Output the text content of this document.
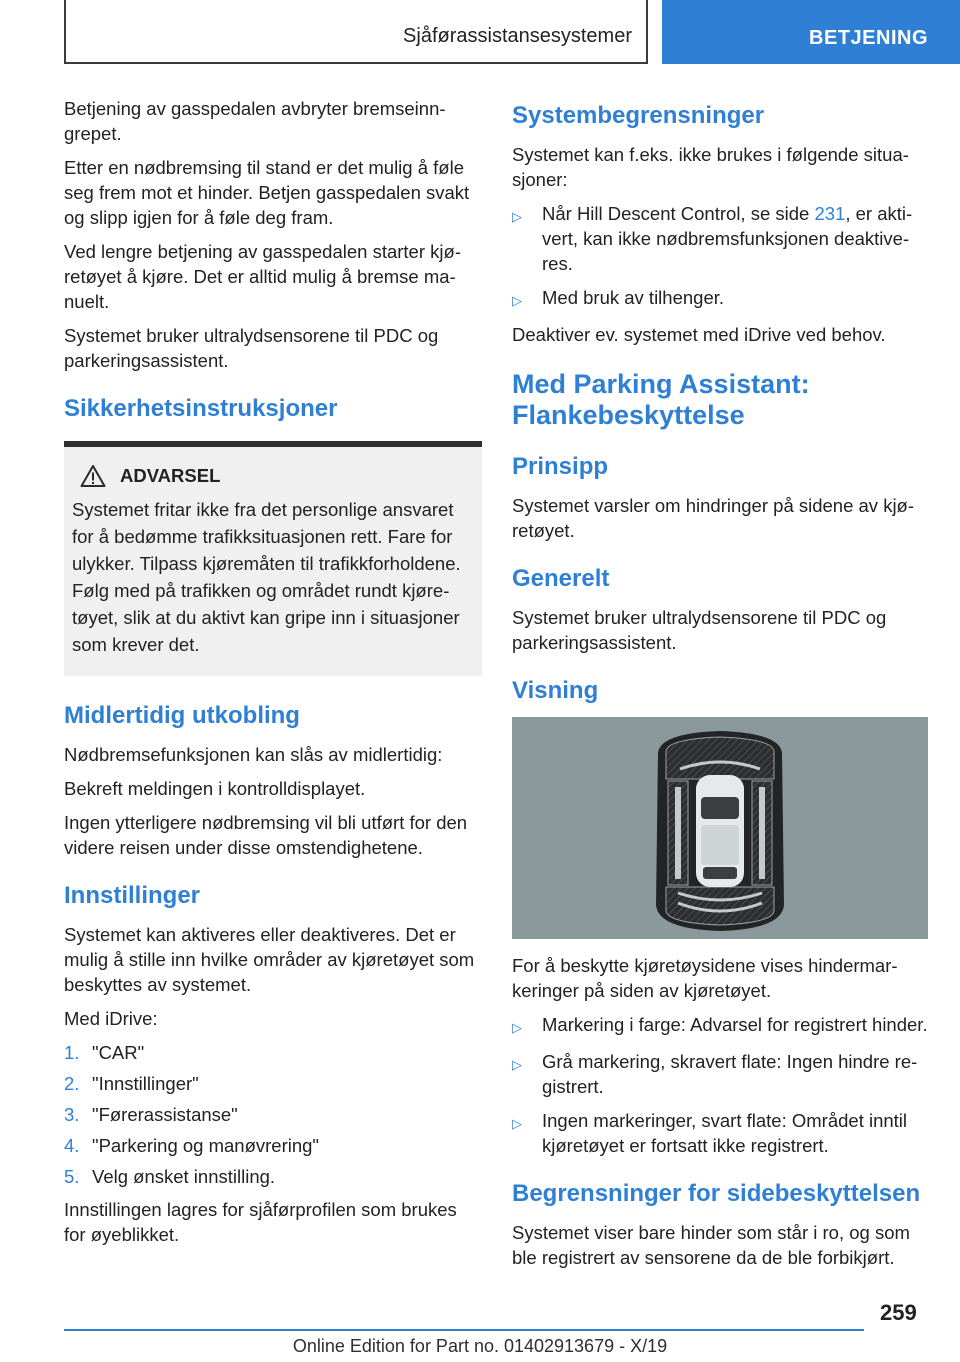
Sjåførassistansesystemer	BETJENING

Betjening av gasspedalen avbryter bremseinngrepet.

Etter en nødbremsing til stand er det mulig å føle seg frem mot et hinder. Betjen gasspedalen svakt og slipp igjen for å føle deg fram.

Ved lengre betjening av gasspedalen starter kjøretøyet å kjøre. Det er alltid mulig å bremse manuelt.

Systemet bruker ultralydsensorene til PDC og parkeringsassistent.

Sikkerhetsinstruksjoner
ADVARSEL

Systemet fritar ikke fra det personlige ansvaret for å bedømme trafikksituasjonen rett. Fare for ulykker. Tilpass kjøremåten til trafikkforholdene. Følg med på trafikken og området rundt kjøretøyet, slik at du aktivt kan gripe inn i situasjoner som krever det.

Midlertidig utkobling

Nødbremsefunksjonen kan slås av midlertidig:

Bekreft meldingen i kontrolldisplayet.

Ingen ytterligere nødbremsing vil bli utført for den videre reisen under disse omstendighetene.

Innstillinger

Systemet kan aktiveres eller deaktiveres. Det er mulig å stille inn hvilke områder av kjøretøyet som beskyttes av systemet.

Med iDrive:

1. "CAR"
2. "Innstillinger"
3. "Førerassistanse"
4. "Parkering og manøvrering"
5. Velg ønsket innstilling.

Innstillingen lagres for sjåførprofilen som brukes for øyeblikket.

Systembegrensninger

Systemet kan f.eks. ikke brukes i følgende situasjoner:

▷	Når Hill Descent Control, se side 231, er aktivert, kan ikke nødbremsfunksjonen deaktiveres.
▷	Med bruk av tilhenger.

Deaktiver ev. systemet med iDrive ved behov.

Med Parking Assistant: Flankebeskyttelse
Prinsipp

Systemet varsler om hindringer på sidene av kjøretøyet.

Generelt

Systemet bruker ultralydsensorene til PDC og parkeringsassistent.

Visning

For å beskytte kjøretøysidene vises hindermarkeringer på siden av kjøretøyet.

▷	Markering i farge: Advarsel for registrert hinder.
▷	Grå markering, skravert flate: Ingen hindre registrert.
▷	Ingen markeringer, svart flate: Området inntil kjøretøyet er fortsatt ikke registrert.
Begrensninger for sidebeskyttelsen

Systemet viser bare hinder som står i ro, og som ble registrert av sensorene da de ble forbikjørt.

259
Online Edition for Part no. 01402913679 - X/19
